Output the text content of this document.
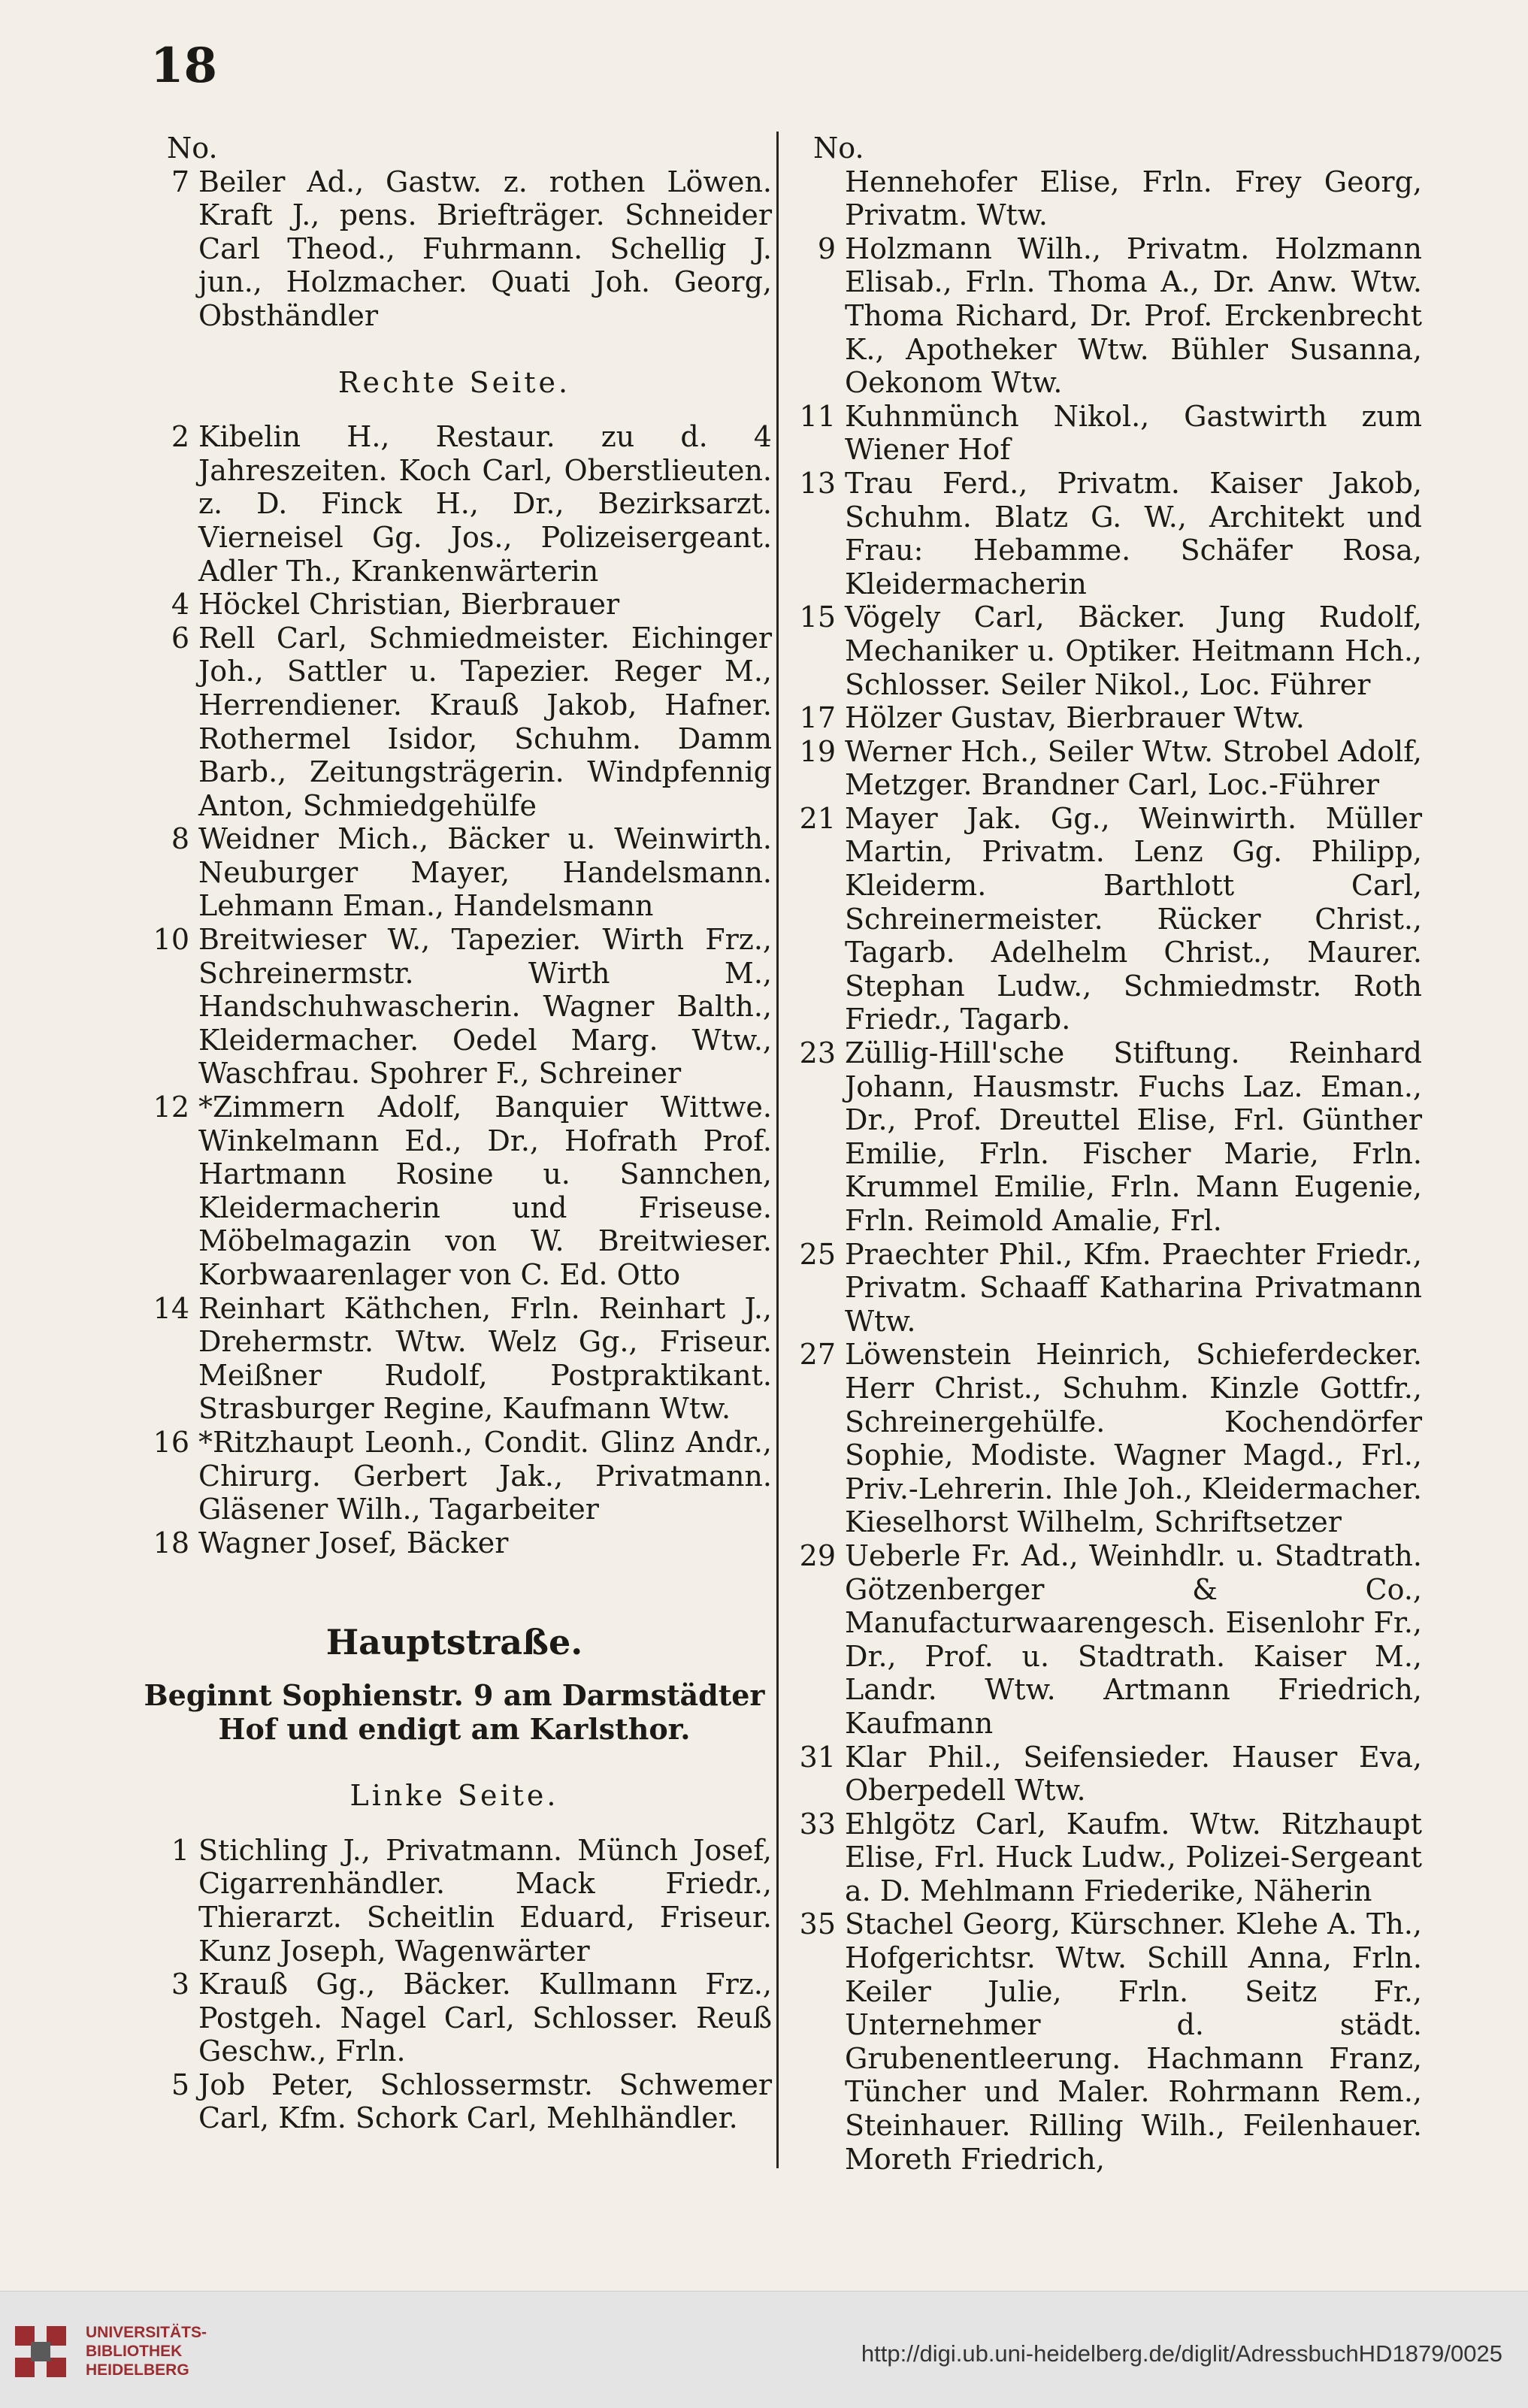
18
No.
7 Beiler Ad., Gastw. z. rothen Löwen. Kraft J., pens. Briefträger. Schneider Carl Theod., Fuhrmann. Schellig J. jun., Holzmacher. Quati Joh. Georg, Obsthändler
Rechte Seite.
2 Kibelin H., Restaur. zu d. 4 Jahreszeiten. Koch Carl, Oberstlieuten. z. D. Finck H., Dr., Bezirksarzt. Vierneisel Gg. Jos., Polizeisergeant. Adler Th., Krankenwärterin
4 Höckel Christian, Bierbrauer
6 Rell Carl, Schmiedmeister. Eichinger Joh., Sattler u. Tapezier. Reger M., Herrendiener. Krauß Jakob, Hafner. Rothermel Isidor, Schuhm. Damm Barb., Zeitungsträgerin. Windpfennig Anton, Schmiedgehülfe
8 Weidner Mich., Bäcker u. Weinwirth. Neuburger Mayer, Handelsmann. Lehmann Eman., Handelsmann
10 Breitwieser W., Tapezier. Wirth Frz., Schreinermstr. Wirth M., Handschuhwascherin. Wagner Balth., Kleidermacher. Oedel Marg. Wtw., Waschfrau. Spohrer F., Schreiner
12 *Zimmern Adolf, Banquier Wittwe. Winkelmann Ed., Dr., Hofrath Prof. Hartmann Rosine u. Sannchen, Kleidermacherin und Friseuse. Möbelmagazin von W. Breitwieser. Korbwaarenlager von C. Ed. Otto
14 Reinhart Käthchen, Frln. Reinhart J., Drehermstr. Wtw. Welz Gg., Friseur. Meißner Rudolf, Postpraktikant. Strasburger Regine, Kaufmann Wtw.
16 *Ritzhaupt Leonh., Condit. Glinz Andr., Chirurg. Gerbert Jak., Privatmann. Gläsener Wilh., Tagarbeiter
18 Wagner Josef, Bäcker
Hauptstraße.
Beginnt Sophienstr. 9 am Darmstädter Hof und endigt am Karlsthor.
Linke Seite.
1 Stichling J., Privatmann. Münch Josef, Cigarrenhändler. Mack Friedr., Thierarzt. Scheitlin Eduard, Friseur. Kunz Joseph, Wagenwärter
3 Krauß Gg., Bäcker. Kullmann Frz., Postgeh. Nagel Carl, Schlosser. Reuß Geschw., Frln.
5 Job Peter, Schlossermstr. Schwemer Carl, Kfm. Schork Carl, Mehlhändler.
No.
Hennehofer Elise, Frln. Frey Georg, Privatm. Wtw.
9 Holzmann Wilh., Privatm. Holzmann Elisab., Frln. Thoma A., Dr. Anw. Wtw. Thoma Richard, Dr. Prof. Erckenbrecht K., Apotheker Wtw. Bühler Susanna, Oekonom Wtw.
11 Kuhnmünch Nikol., Gastwirth zum Wiener Hof
13 Trau Ferd., Privatm. Kaiser Jakob, Schuhm. Blatz G. W., Architekt und Frau: Hebamme. Schäfer Rosa, Kleidermacherin
15 Vögely Carl, Bäcker. Jung Rudolf, Mechaniker u. Optiker. Heitmann Hch., Schlosser. Seiler Nikol., Loc. Führer
17 Hölzer Gustav, Bierbrauer Wtw.
19 Werner Hch., Seiler Wtw. Strobel Adolf, Metzger. Brandner Carl, Loc.-Führer
21 Mayer Jak. Gg., Weinwirth. Müller Martin, Privatm. Lenz Gg. Philipp, Kleiderm. Barthlott Carl, Schreinermeister. Rücker Christ., Tagarb. Adelhelm Christ., Maurer. Stephan Ludw., Schmiedmstr. Roth Friedr., Tagarb.
23 Züllig-Hill'sche Stiftung. Reinhard Johann, Hausmstr. Fuchs Laz. Eman., Dr., Prof. Dreuttel Elise, Frl. Günther Emilie, Frln. Fischer Marie, Frln. Krummel Emilie, Frln. Mann Eugenie, Frln. Reimold Amalie, Frl.
25 Praechter Phil., Kfm. Praechter Friedr., Privatm. Schaaff Katharina Privatmann Wtw.
27 Löwenstein Heinrich, Schieferdecker. Herr Christ., Schuhm. Kinzle Gottfr., Schreinergehülfe. Kochendörfer Sophie, Modiste. Wagner Magd., Frl., Priv.-Lehrerin. Ihle Joh., Kleidermacher. Kieselhorst Wilhelm, Schriftsetzer
29 Ueberle Fr. Ad., Weinhdlr. u. Stadtrath. Götzenberger & Co., Manufacturwaarengesch. Eisenlohr Fr., Dr., Prof. u. Stadtrath. Kaiser M., Landr. Wtw. Artmann Friedrich, Kaufmann
31 Klar Phil., Seifensieder. Hauser Eva, Oberpedell Wtw.
33 Ehlgötz Carl, Kaufm. Wtw. Ritzhaupt Elise, Frl. Huck Ludw., Polizei-Sergeant a. D. Mehlmann Friederike, Näherin
35 Stachel Georg, Kürschner. Klehe A. Th., Hofgerichtsr. Wtw. Schill Anna, Frln. Keiler Julie, Frln. Seitz Fr., Unternehmer d. städt. Grubenentleerung. Hachmann Franz, Tüncher und Maler. Rohrmann Rem., Steinhauer. Rilling Wilh., Feilenhauer. Moreth Friedrich,
UNIVERSITÄTS-
BIBLIOTHEK
HEIDELBERG
http://digi.ub.uni-heidelberg.de/diglit/AdressbuchHD1879/0025
